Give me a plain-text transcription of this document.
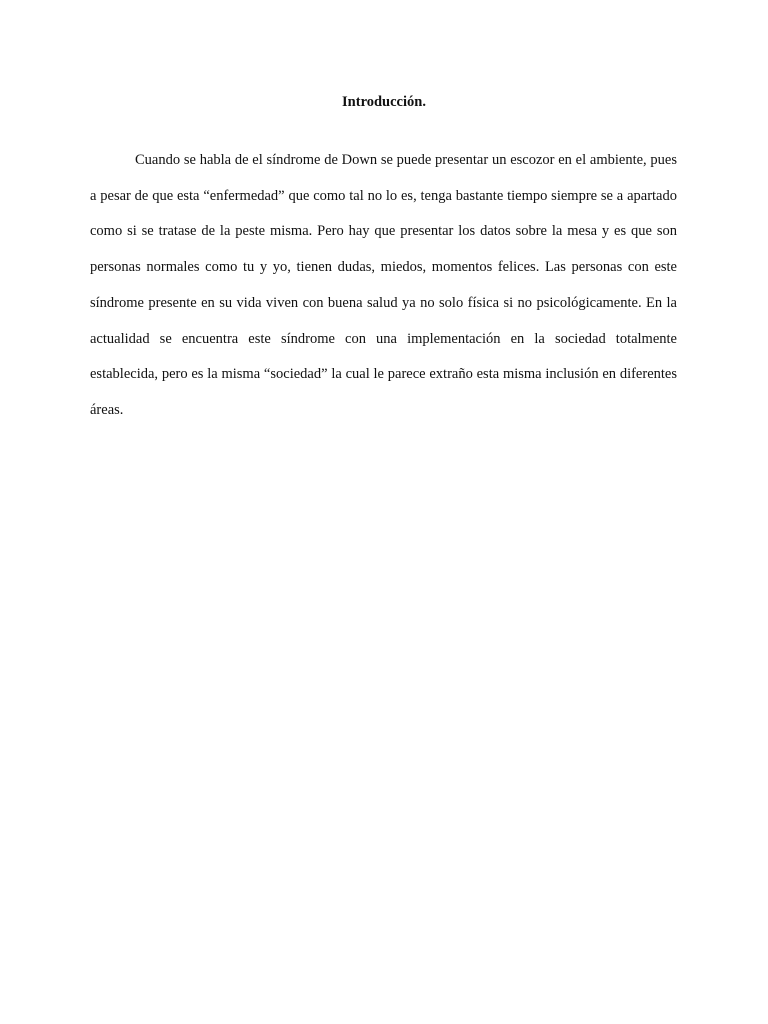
Introducción.

Cuando se habla de el síndrome de Down se puede presentar un escozor en el ambiente, pues a pesar de que esta “enfermedad” que como tal no lo es, tenga bastante tiempo siempre se a apartado como si se tratase de la peste misma. Pero hay que presentar los datos sobre la mesa y es que son personas normales como tu y yo, tienen dudas, miedos, momentos felices. Las personas con este síndrome presente en su vida viven con buena salud ya no solo física si no psicológicamente. En la actualidad se encuentra este síndrome con una implementación en la sociedad totalmente establecida, pero es la misma “sociedad” la cual le parece extraño esta misma inclusión en diferentes áreas.
